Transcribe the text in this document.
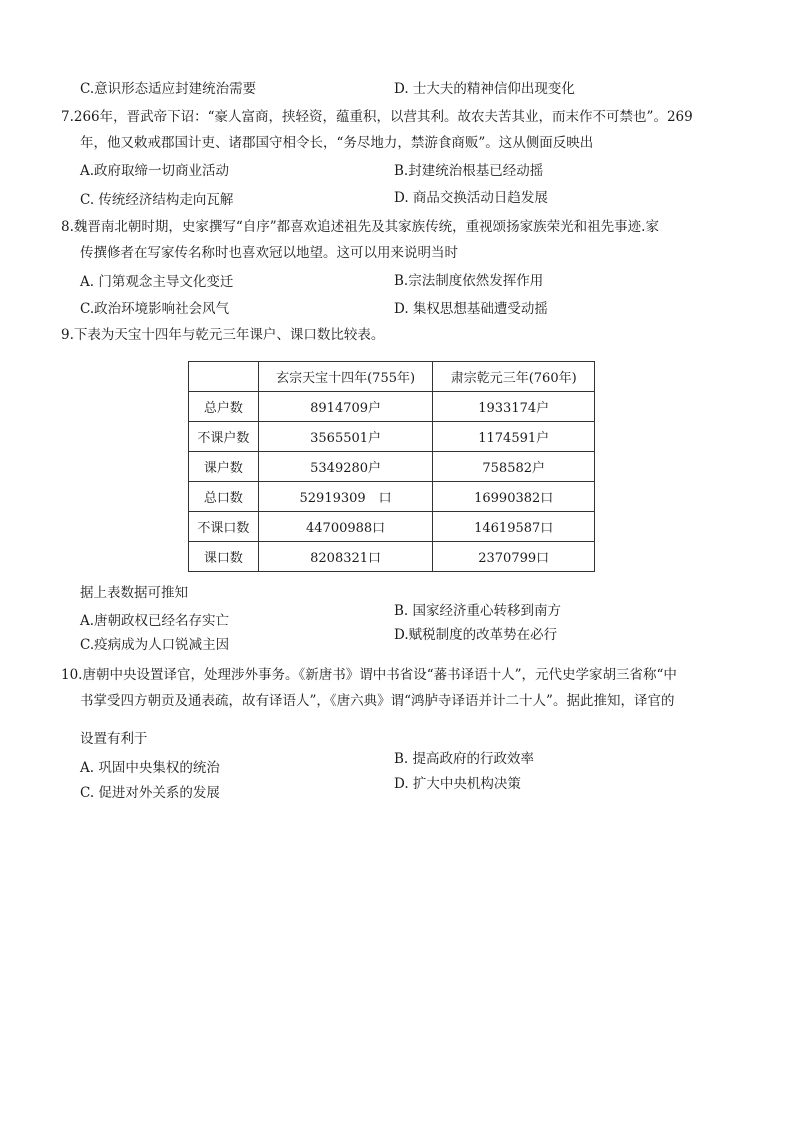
C.意识形态适应封建统治需要	D. 士大夫的精神信仰出现变化
7.266年，晋武帝下诏：“豪人富商，挟轻资，蕴重积，以营其利。故农夫苦其业，而末作不可禁也”。269
年，他又敕戒郡国计吏、诸郡国守相令长，“务尽地力，禁游食商贩”。这从侧面反映出
A.政府取缔一切商业活动	B.封建统治根基已经动摇
C. 传统经济结构走向瓦解	D. 商品交换活动日趋发展
8.魏晋南北朝时期，史家撰写“自序”都喜欢追述祖先及其家族传统，重视颂扬家族荣光和祖先事迹.家
传撰修者在写家传名称时也喜欢冠以地望。这可以用来说明当时
A. 门第观念主导文化变迁	B.宗法制度依然发挥作用
C.政治环境影响社会风气	D. 集权思想基础遭受动摇
9.下表为天宝十四年与乾元三年课户、课口数比较表。
	玄宗天宝十四年(755年)	肃宗乾元三年(760年)
总户数	8914709户	1933174户
不课户数	3565501户	1174591户
课户数	5349280户	758582户
总口数	52919309　口	16990382口
不课口数	44700988口	14619587口
课口数	8208321口	2370799口
据上表数据可推知
A.唐朝政权已经名存实亡
B. 国家经济重心转移到南方
C.疫病成为人口锐减主因
D.赋税制度的改革势在必行
10.唐朝中央设置译官，处理涉外事务。《新唐书》谓中书省设“蕃书译语十人”，元代史学家胡三省称“中
书掌受四方朝贡及通表疏，故有译语人”，《唐六典》谓“鸿胪寺译语并计二十人”。据此推知，译官的
设置有利于
A. 巩固中央集权的统治
B. 提高政府的行政效率
C. 促进对外关系的发展
D. 扩大中央机构决策
